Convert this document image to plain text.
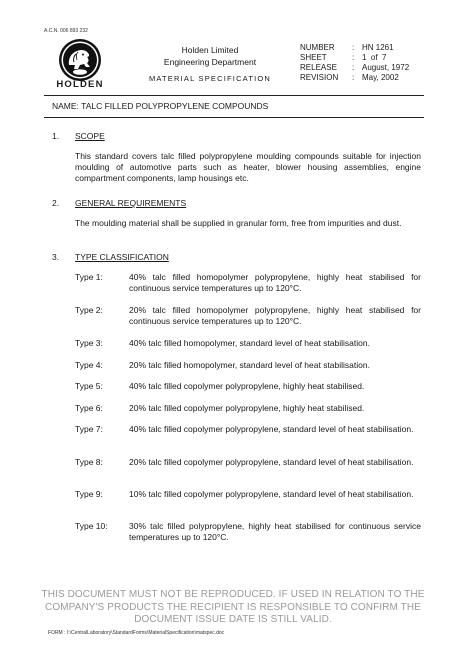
A.C.N. 006 893 232
HOLDEN
Holden Limited
Engineering Department
MATERIAL SPECIFICATION
NUMBER	: HN 1261
SHEET	: 1  of  7
RELEASE	: August, 1972
REVISION	: May, 2002
NAME: TALC FILLED POLYPROPYLENE COMPOUNDS
1. SCOPE
This standard covers talc filled polypropylene moulding compounds suitable for injection moulding of automotive parts such as heater, blower housing assemblies, engine compartment components, lamp housings etc.
2. GENERAL REQUIREMENTS
The moulding material shall be supplied in granular form, free from impurities and dust.
3. TYPE CLASSIFICATION
Type 1:	40% talc filled homopolymer polypropylene, highly heat stabilised for continuous service temperatures up to 120°C.
Type 2:	20% talc filled homopolymer polypropylene, highly heat stabilised for continuous service temperatures up to 120°C.
Type 3:	40% talc filled homopolymer, standard level of heat stabilisation.
Type 4:	20% talc filled homopolymer, standard level of heat stabilisation.
Type 5:	40% talc filled copolymer polypropylene, highly heat stabilised.
Type 6:	20% talc filled copolymer polypropylene, highly heat stabilised.
Type 7:	40% talc filled copolymer polypropylene, standard level of heat stabilisation.
Type 8:	20% talc filled copolymer polypropylene, standard level of heat stabilisation.
Type 9:	10% talc filled copolymer polypropylene, standard level of heat stabilisation.
Type 10:	30% talc filled polypropylene, highly heat stabilised for continuous service temperatures up to 120°C.
THIS DOCUMENT MUST NOT BE REPRODUCED. IF USED IN RELATION TO THE COMPANY'S PRODUCTS THE RECIPIENT IS RESPONSIBLE TO CONFIRM THE DOCUMENT ISSUE DATE IS STILL VALID.
FORM : I:\CentralLaboratory\StandardForms\MaterialSpecification\matspec.doc
